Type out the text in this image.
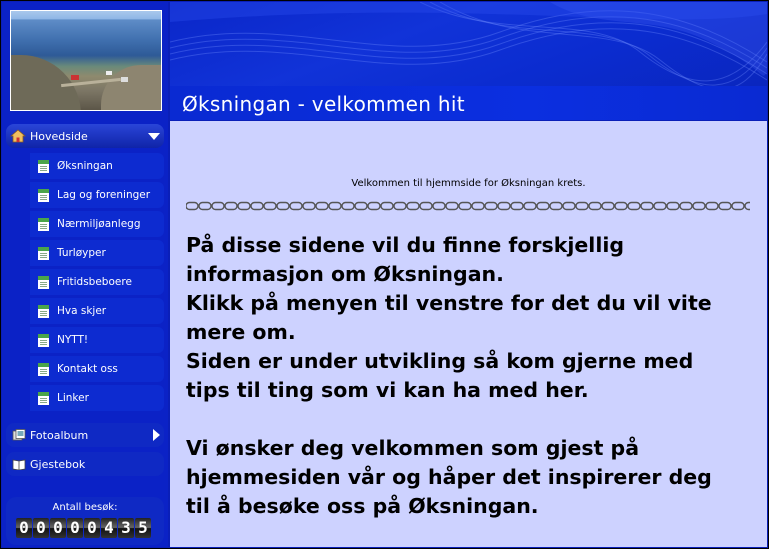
Hovedside
Øksningan
Lag og foreninger
Nærmiljøanlegg
Turløyper
Fritidsbeboere
Hva skjer
NYTT!
Kontakt oss
Linker
Fotoalbum
Gjestebok
Antall besøk:
0 0 0 0 0 4 3 5
Øksningan - velkommen hit
Velkommen til hjemmside for Øksningan krets.

På disse sidene vil du finne forskjellig

informasjon om Øksningan.

Klikk på menyen til venstre for det du vil vite

mere om.

Siden er under utvikling så kom gjerne med

tips til ting som vi kan ha med her.

Vi ønsker deg velkommen som gjest på

hjemmesiden vår og håper det inspirerer deg

til å besøke oss på Øksningan.
